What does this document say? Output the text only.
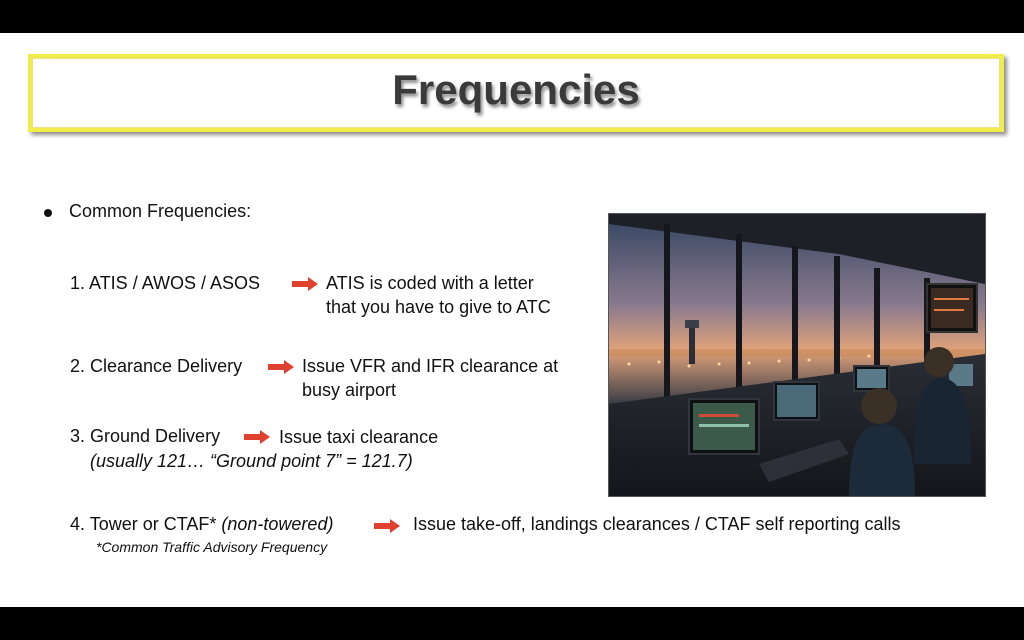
Frequencies
Common Frequencies:
1. ATIS / AWOS / ASOS	ATIS is coded with a letter
that you have to give to ATC
2. Clearance Delivery	Issue VFR and IFR clearance at
busy airport
3. Ground Delivery	Issue taxi clearance
(usually 121… “Ground point 7” = 121.7)
4. Tower or CTAF* (non-towered)	Issue take-off, landings clearances / CTAF self reporting calls
*Common Traffic Advisory Frequency
